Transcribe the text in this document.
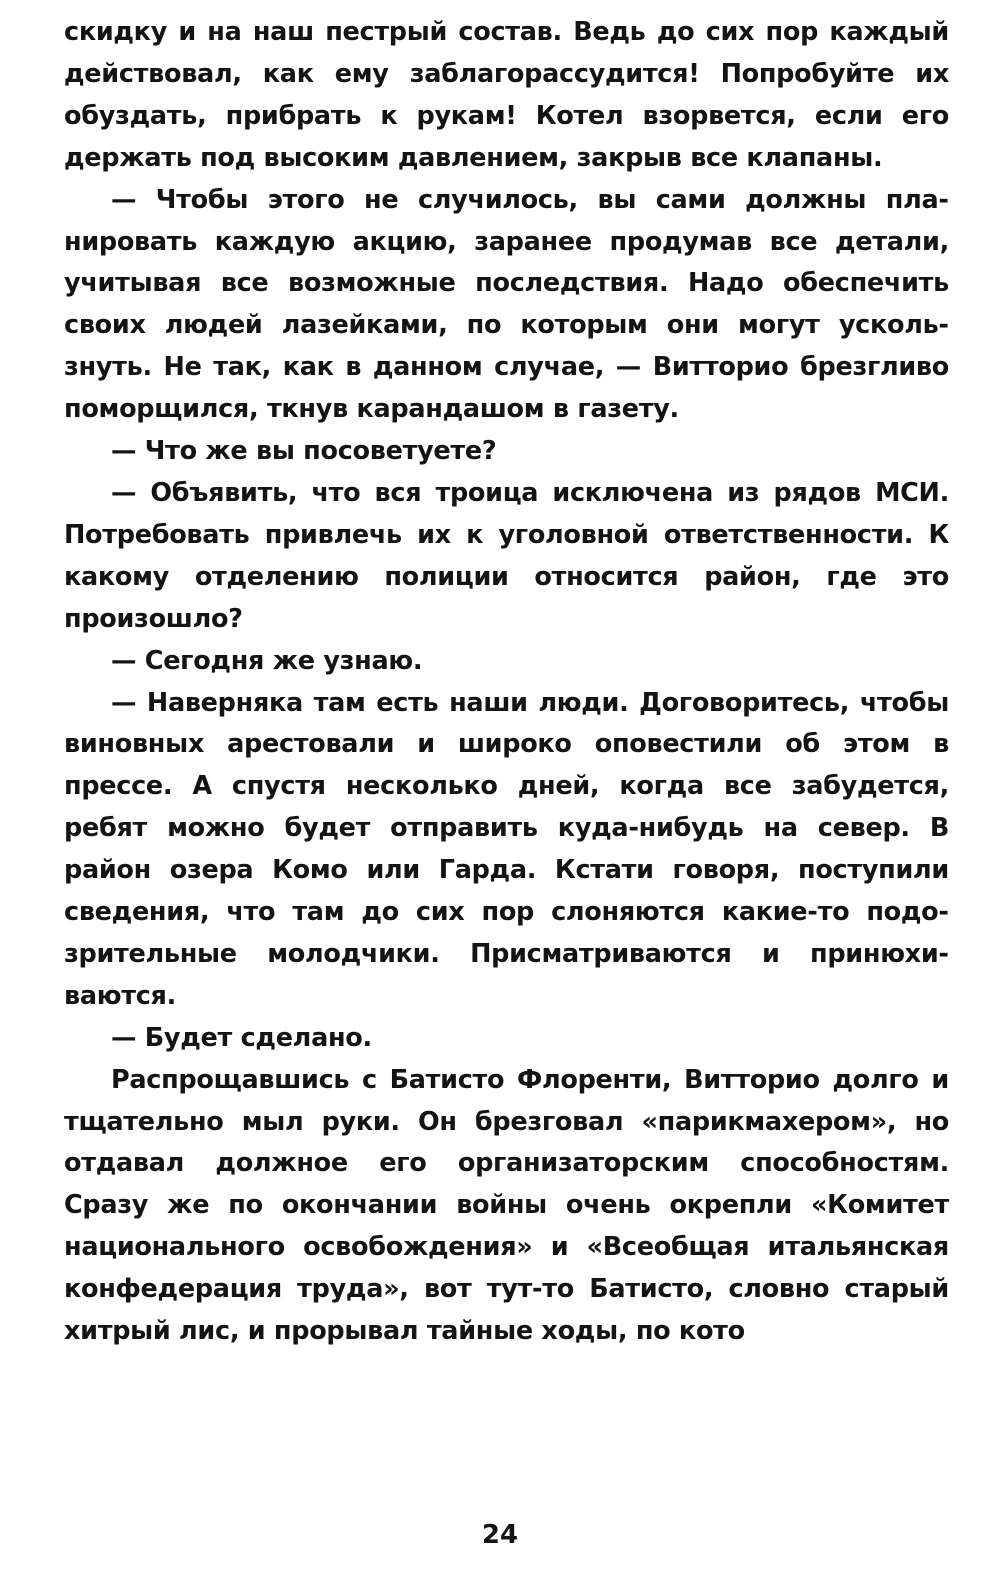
скидку и на наш пестрый состав. Ведь до сих пор каждый действовал, как ему заблагорассудится! Попробуйте их обуздать, прибрать к рукам! Котел взорвется, если его держать под высоким давлением, закрыв все клапаны.

— Чтобы этого не случилось, вы сами должны планировать каждую акцию, заранее продумав все детали, учитывая все возможные последствия. Надо обеспечить своих людей лазейками, по которым они могут ускользнуть. Не так, как в данном случае, — Витторио брезгливо поморщился, ткнув карандашом в газету.

— Что же вы посоветуете?

— Объявить, что вся троица исключена из рядов МСИ. Потребовать привлечь их к уголовной ответственности. К какому отделению полиции относится район, где это произошло?

— Сегодня же узнаю.

— Наверняка там есть наши люди. Договоритесь, чтобы виновных арестовали и широко оповестили об этом в прессе. А спустя несколько дней, когда все забудется, ребят можно будет отправить куда-нибудь на север. В район озера Комо или Гарда. Кстати говоря, поступили сведения, что там до сих пор слоняются какие-то подозрительные молодчики. Присматриваются и принюхиваются.

— Будет сделано.

Распрощавшись с Батисто Флоренти, Витторио долго и тщательно мыл руки. Он брезговал «парикмахером», но отдавал должное его организаторским способностям. Сразу же по окончании войны очень окрепли «Комитет национального освобождения» и «Всеобщая итальянская конфедерация труда», вот тут-то Батисто, словно старый хитрый лис, и прорывал тайные ходы, по кото

24
